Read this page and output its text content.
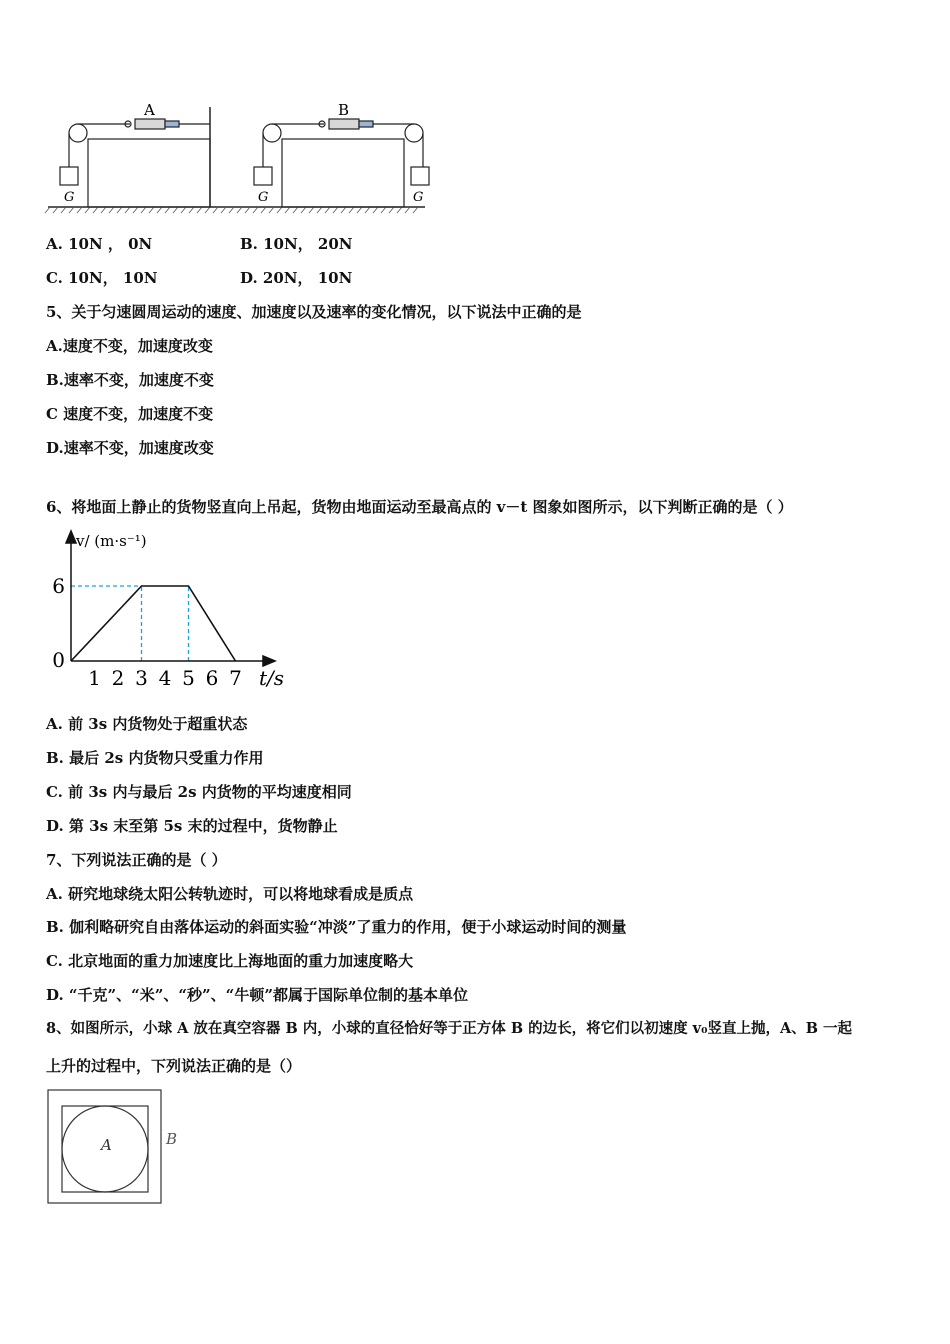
A
G
B
G	G
A. 10N ， 0N	B. 10N， 20N
C. 10N， 10N	D. 20N， 10N
5、关于匀速圆周运动的速度、加速度以及速率的变化情况，以下说法中正确的是
A.速度不变，加速度改变
B.速率不变，加速度不变
C 速度不变，加速度不变
D.速率不变，加速度改变
6、将地面上静止的货物竖直向上吊起，货物由地面运动至最高点的 v－t 图象如图所示，以下判断正确的是（ ）
1 2 3 4 5 6 7
6
0
t/s
v/ (m·s⁻¹)
A. 前 3s 内货物处于超重状态
B. 最后 2s 内货物只受重力作用
C. 前 3s 内与最后 2s 内货物的平均速度相同
D. 第 3s 末至第 5s 末的过程中，货物静止
7、下列说法正确的是（ ）
A. 研究地球绕太阳公转轨迹时，可以将地球看成是质点
B. 伽利略研究自由落体运动的斜面实验“冲淡”了重力的作用，便于小球运动时间的测量
C. 北京地面的重力加速度比上海地面的重力加速度略大
D. “千克”、“米”、“秒”、“牛顿”都属于国际单位制的基本单位
8、如图所示，小球 A 放在真空容器 B 内，小球的直径恰好等于正方体 B 的边长，将它们以初速度 v₀竖直上抛，A、B 一起
上升的过程中，下列说法正确的是（）
A	B
